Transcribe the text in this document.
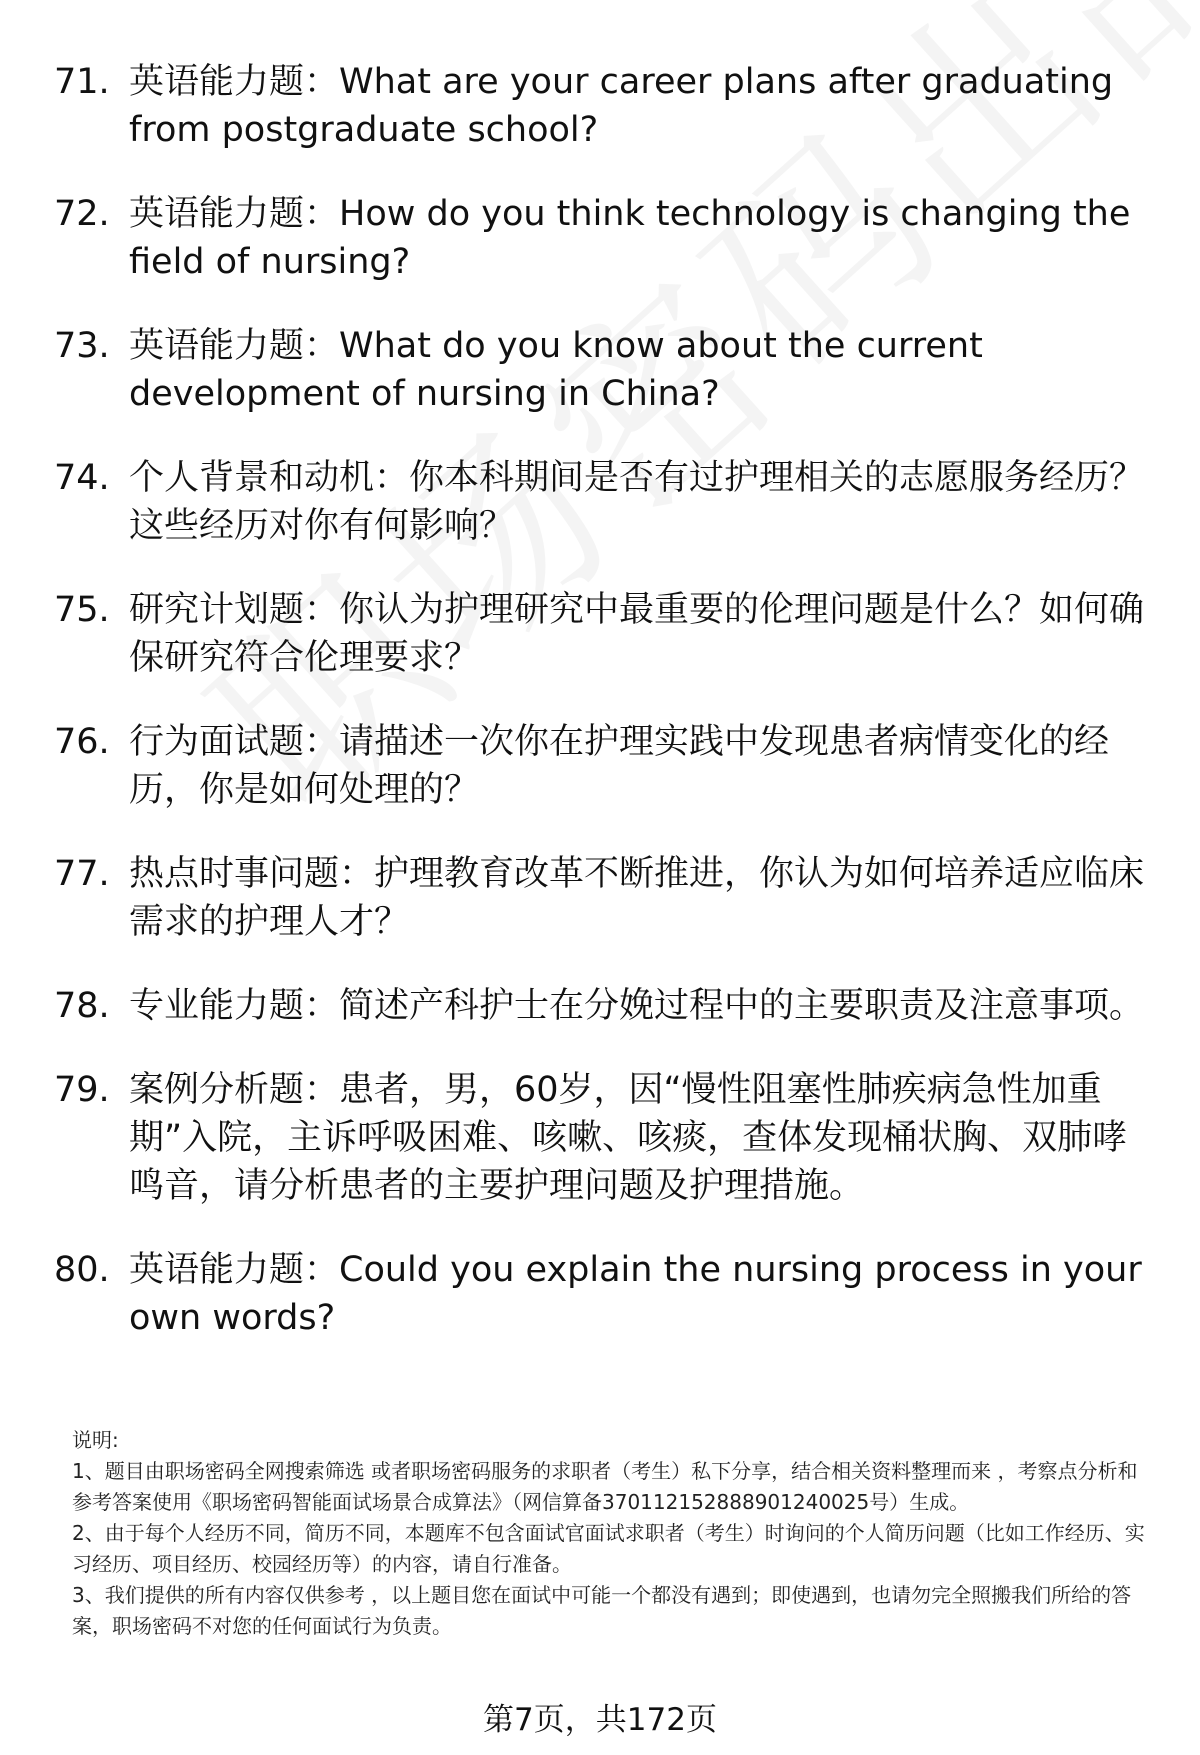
71. 英语能力题：What are your career plans after graduating from postgraduate school?
72. 英语能力题：How do you think technology is changing the field of nursing?
73. 英语能力题：What do you know about the current development of nursing in China?
74. 个人背景和动机：你本科期间是否有过护理相关的志愿服务经历？这些经历对你有何影响？
75. 研究计划题：你认为护理研究中最重要的伦理问题是什么？如何确保研究符合伦理要求？
76. 行为面试题：请描述一次你在护理实践中发现患者病情变化的经历，你是如何处理的？
77. 热点时事问题：护理教育改革不断推进，你认为如何培养适应临床需求的护理人才？
78. 专业能力题：简述产科护士在分娩过程中的主要职责及注意事项。
79. 案例分析题：患者，男，60岁，因“慢性阻塞性肺疾病急性加重期”入院，主诉呼吸困难、咳嗽、咳痰，查体发现桶状胸、双肺哮鸣音，请分析患者的主要护理问题及护理措施。
80. 英语能力题：Could you explain the nursing process in your own words?

说明:

1、题目由职场密码全网搜索筛选 或者职场密码服务的求职者（考生）私下分享，结合相关资料整理而来 ，考察点分析和参考答案使用《职场密码智能面试场景合成算法》（网信算备370112152888901240025号）生成。

2、由于每个人经历不同，简历不同，本题库不包含面试官面试求职者（考生）时询问的个人简历问题（比如工作经历、实习经历、项目经历、校园经历等）的内容，请自行准备。

3、我们提供的所有内容仅供参考 ，以上题目您在面试中可能一个都没有遇到；即使遇到，也请勿完全照搬我们所给的答案，职场密码不对您的任何面试行为负责。

第7页，共172页
